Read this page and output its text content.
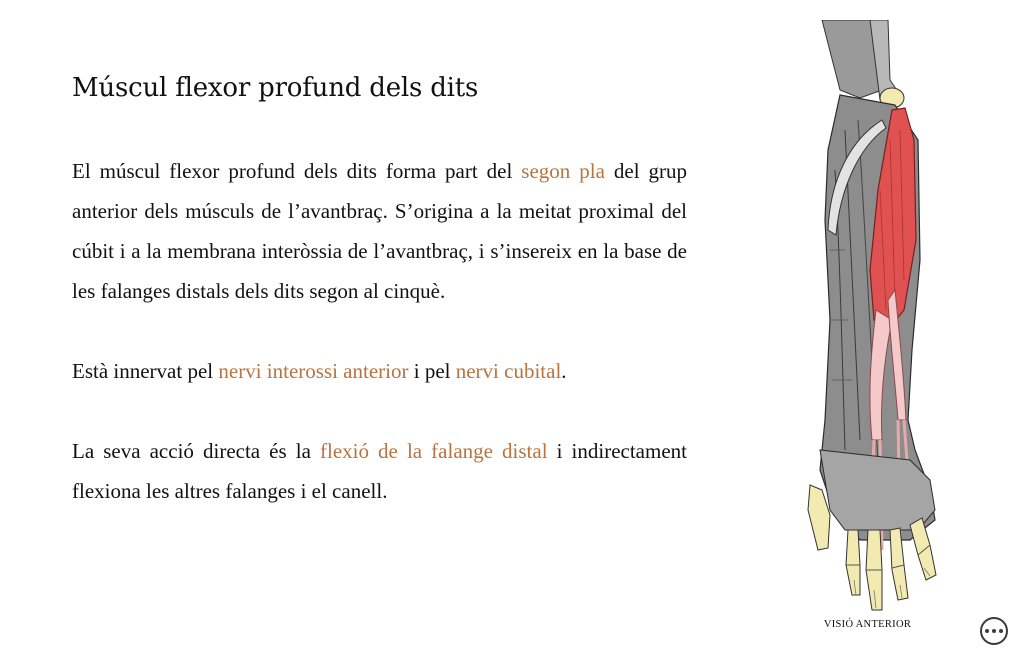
Múscul flexor profund dels dits

El múscul flexor profund dels dits forma part del segon pla del grup anterior dels músculs de l’avantbraç. S’origina a la meitat proximal del cúbit i a la membrana interòssia de l’avantbraç, i s’insereix en la base de les falanges distals dels dits segon al cinquè.

Està innervat pel nervi interossi anterior i pel nervi cubital.

La seva acció directa és la flexió de la falange distal i indirectament flexiona les altres falanges i el canell.

VISIÓ ANTERIOR
